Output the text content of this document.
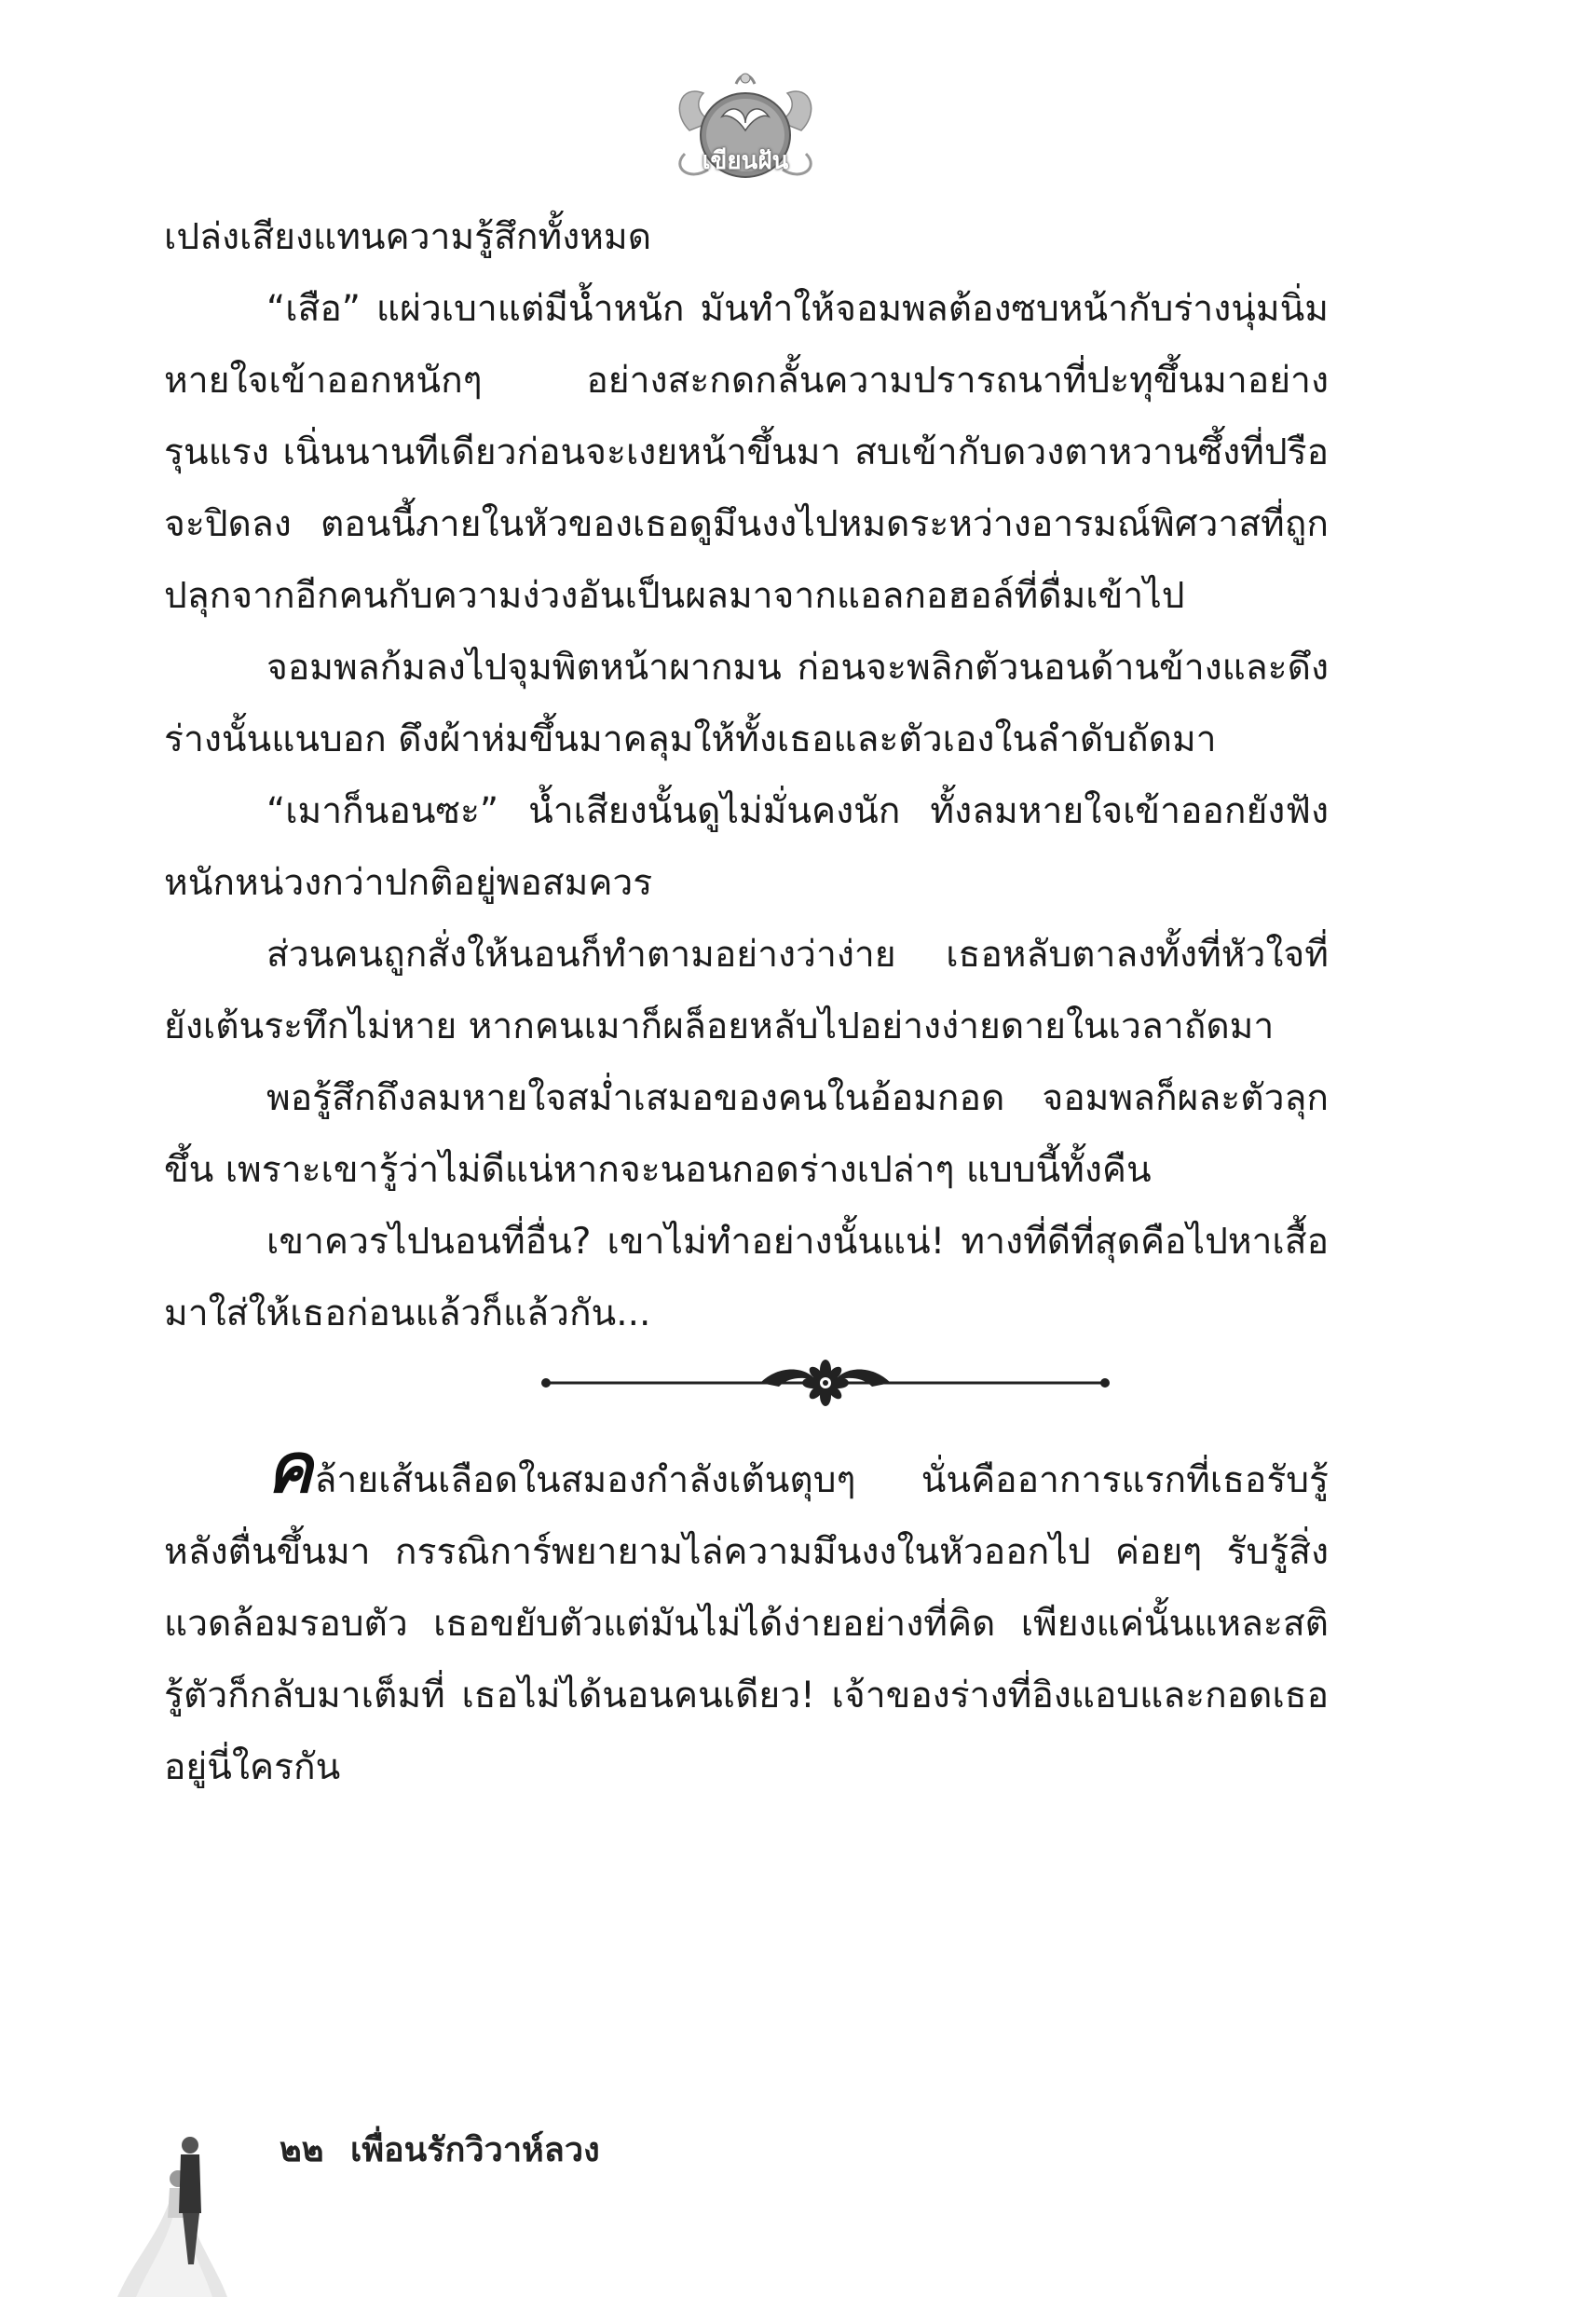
เขียนฝัน

เปล่งเสียงแทนความรู้สึกทั้งหมด

“เสือ” แผ่วเบาแต่มีน้ำหนัก มันทำให้จอมพลต้องซบหน้ากับร่างนุ่มนิ่ม หายใจเข้าออกหนักๆ อย่างสะกดกลั้นความปรารถนาที่ปะทุขึ้นมาอย่างรุนแรง เนิ่นนานทีเดียวก่อนจะเงยหน้าขึ้นมา สบเข้ากับดวงตาหวานซึ้งที่ปรือจะปิดลง ตอนนี้ภายในหัวของเธอดูมึนงงไปหมดระหว่างอารมณ์พิศวาสที่ถูกปลุกจากอีกคนกับความง่วงอันเป็นผลมาจากแอลกอฮอล์ที่ดื่มเข้าไป

จอมพลก้มลงไปจุมพิตหน้าผากมน ก่อนจะพลิกตัวนอนด้านข้างและดึงร่างนั้นแนบอก ดึงผ้าห่มขึ้นมาคลุมให้ทั้งเธอและตัวเองในลำดับถัดมา

“เมาก็นอนซะ” น้ำเสียงนั้นดูไม่มั่นคงนัก ทั้งลมหายใจเข้าออกยังฟังหนักหน่วงกว่าปกติอยู่พอสมควร

ส่วนคนถูกสั่งให้นอนก็ทำตามอย่างว่าง่าย เธอหลับตาลงทั้งที่หัวใจที่ยังเต้นระทึกไม่หาย หากคนเมาก็ผล็อยหลับไปอย่างง่ายดายในเวลาถัดมา

พอรู้สึกถึงลมหายใจสม่ำเสมอของคนในอ้อมกอด จอมพลก็ผละตัวลุกขึ้น เพราะเขารู้ว่าไม่ดีแน่หากจะนอนกอดร่างเปล่าๆ แบบนี้ทั้งคืน

เขาควรไปนอนที่อื่น? เขาไม่ทำอย่างนั้นแน่! ทางที่ดีที่สุดคือไปหาเสื้อมาใส่ให้เธอก่อนแล้วก็แล้วกัน...

คล้ายเส้นเลือดในสมองกำลังเต้นตุบๆ นั่นคืออาการแรกที่เธอรับรู้หลังตื่นขึ้นมา กรรณิการ์พยายามไล่ความมึนงงในหัวออกไป ค่อยๆ รับรู้สิ่งแวดล้อมรอบตัว เธอขยับตัวแต่มันไม่ได้ง่ายอย่างที่คิด เพียงแค่นั้นแหละสติรู้ตัวก็กลับมาเต็มที่ เธอไม่ได้นอนคนเดียว! เจ้าของร่างที่อิงแอบและกอดเธออยู่นี่ใครกัน

๒๒ เพื่อนรักวิวาห์ลวง
